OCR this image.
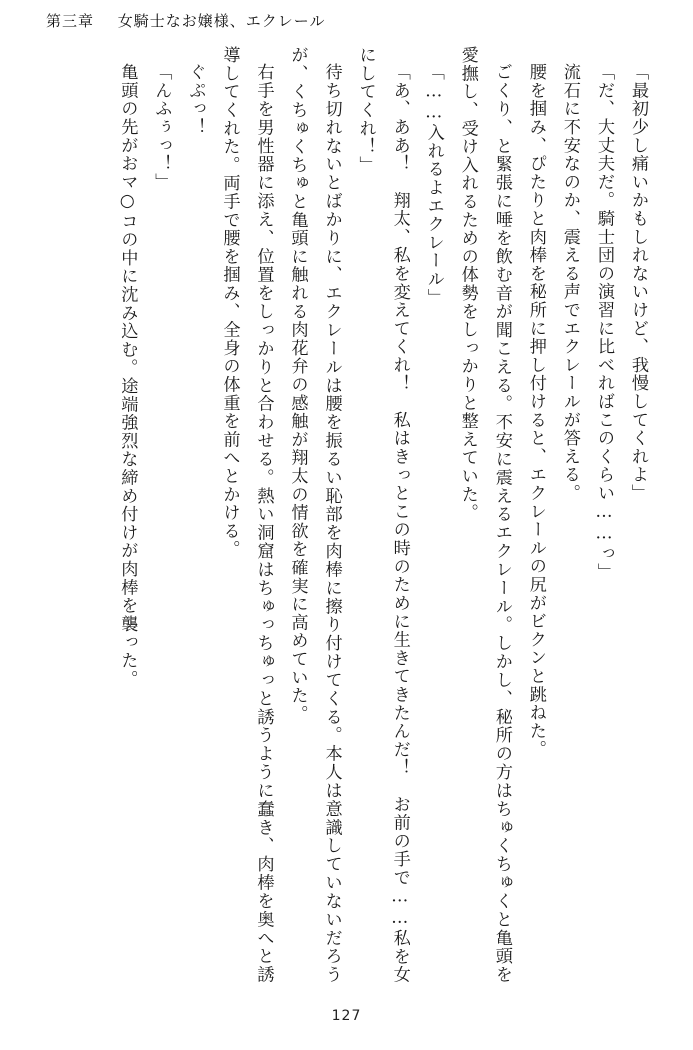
第三章 女騎士なお嬢様、エクレール

「最初少し痛いかもしれないけど、我慢してくれよ」

「だ、大丈夫だ。騎士団の演習に比べればこのくらい……っ」

流石に不安なのか、震える声でエクレールが答える。

腰を掴み、ぴたりと肉棒を秘所に押し付けると、エクレールの尻がビクンと跳ねた。

ごくり、と緊張に唾を飲む音が聞こえる。不安に震えるエクレール。しかし、秘所の方はちゅくちゅくと亀頭を愛撫し、受け入れるための体勢をしっかりと整えていた。

「……入れるよエクレール」

「あ、ああ！　翔太、私を変えてくれ！　私はきっとこの時のために生きてきたんだ！　お前の手で……私を女にしてくれ！」

待ち切れないとばかりに、エクレールは腰を振るい恥部を肉棒に擦り付けてくる。本人は意識していないだろうが、くちゅくちゅと亀頭に触れる肉花弁の感触が翔太の情欲を確実に高めていた。

右手を男性器に添え、位置をしっかりと合わせる。熱い洞窟はちゅっちゅっと誘うように蠢き、肉棒を奥へと誘導してくれた。両手で腰を掴み、全身の体重を前へとかける。

ぐぷっ！

「んふぅっ！」

亀頭の先がおマ○コの中に沈み込む。途端強烈な締め付けが肉棒を襲った。

127
